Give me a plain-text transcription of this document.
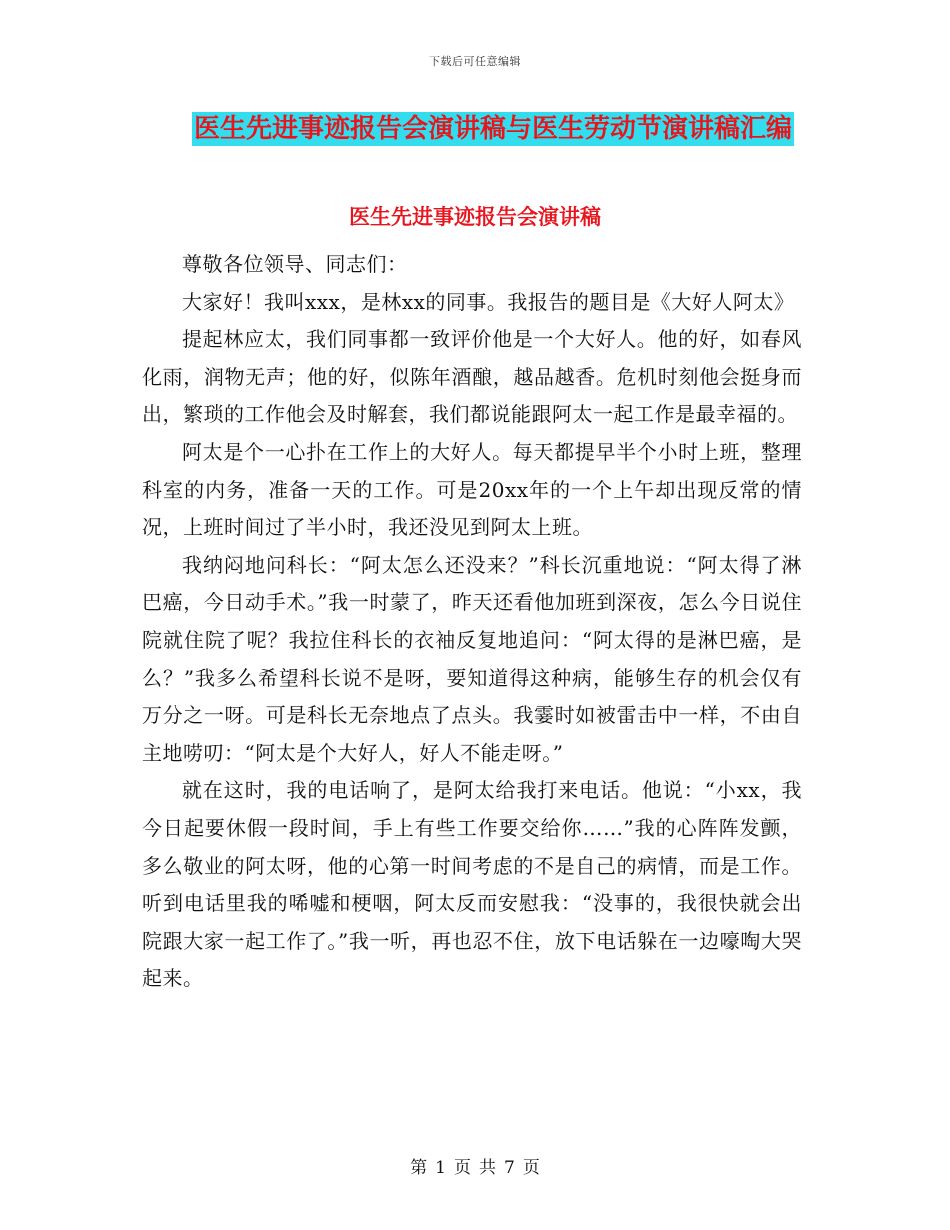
下载后可任意编辑
医生先进事迹报告会演讲稿与医生劳动节演讲稿汇编
医生先进事迹报告会演讲稿

尊敬各位领导、同志们：

大家好！我叫xxx，是林xx的同事。我报告的题目是《大好人阿太》

提起林应太，我们同事都一致评价他是一个大好人。他的好，如春风化雨，润物无声；他的好，似陈年酒酿，越品越香。危机时刻他会挺身而出，繁琐的工作他会及时解套，我们都说能跟阿太一起工作是最幸福的。

阿太是个一心扑在工作上的大好人。每天都提早半个小时上班，整理科室的内务，准备一天的工作。可是20xx年的一个上午却出现反常的情况，上班时间过了半小时，我还没见到阿太上班。

我纳闷地问科长：“阿太怎么还没来？”科长沉重地说：“阿太得了淋巴癌，今日动手术。”我一时蒙了，昨天还看他加班到深夜，怎么今日说住院就住院了呢？我拉住科长的衣袖反复地追问：“阿太得的是淋巴癌，是么？”我多么希望科长说不是呀，要知道得这种病，能够生存的机会仅有万分之一呀。可是科长无奈地点了点头。我霎时如被雷击中一样，不由自主地唠叨：“阿太是个大好人，好人不能走呀。”

就在这时，我的电话响了，是阿太给我打来电话。他说：“小xx，我今日起要休假一段时间，手上有些工作要交给你……”我的心阵阵发颤，多么敬业的阿太呀，他的心第一时间考虑的不是自己的病情，而是工作。听到电话里我的唏嘘和梗咽，阿太反而安慰我：“没事的，我很快就会出院跟大家一起工作了。”我一听，再也忍不住，放下电话躲在一边嚎啕大哭起来。

第 1 页 共 7 页
